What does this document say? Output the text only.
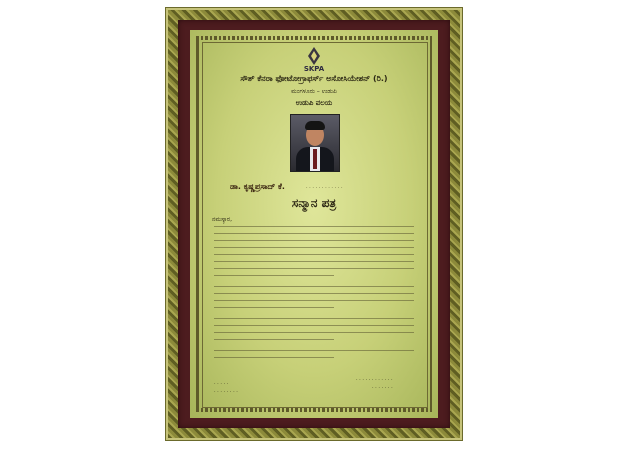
SKPA
ಸೌತ್ ಕೆನರಾ ಫೋಟೋಗ್ರಾಫರ್ಸ್ ಅಸೋಸಿಯೇಶನ್ (ರಿ.)
ಮಂಗಳೂರು – ಉಡುಪಿ
ಉಡುಪಿ ವಲಯ
ಡಾ. ಕೃಷ್ಣಪ್ರಸಾದ್ ಕೆ.	. . . . . . . . . . . .
ಸನ್ಮಾನ ಪತ್ರ
ನಮಸ್ಕಾರ,
. . . . .
. . . . . . . .
. . . . . . . . . . . .
. . . . . . .
